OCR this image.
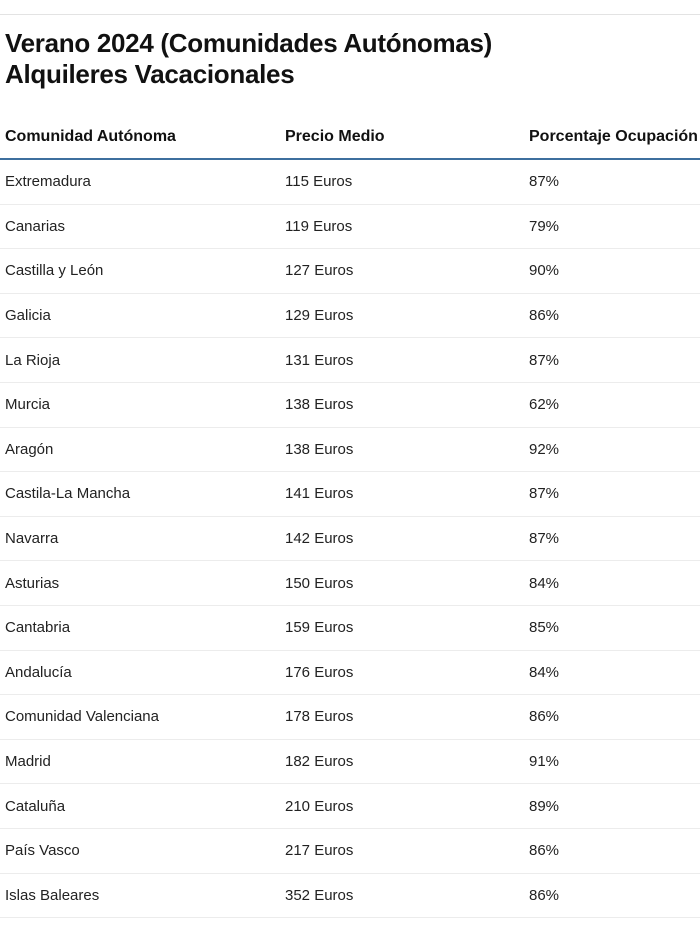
Verano 2024 (Comunidades Autónomas)
Alquileres Vacacionales
Comunidad Autónoma	Precio Medio	Porcentaje Ocupación
Extremadura	115 Euros	87%
Canarias	119 Euros	79%
Castilla y León	127 Euros	90%
Galicia	129 Euros	86%
La Rioja	131 Euros	87%
Murcia	138 Euros	62%
Aragón	138 Euros	92%
Castila-La Mancha	141 Euros	87%
Navarra	142 Euros	87%
Asturias	150 Euros	84%
Cantabria	159 Euros	85%
Andalucía	176 Euros	84%
Comunidad Valenciana	178 Euros	86%
Madrid	182 Euros	91%
Cataluña	210 Euros	89%
País Vasco	217 Euros	86%
Islas Baleares	352 Euros	86%
